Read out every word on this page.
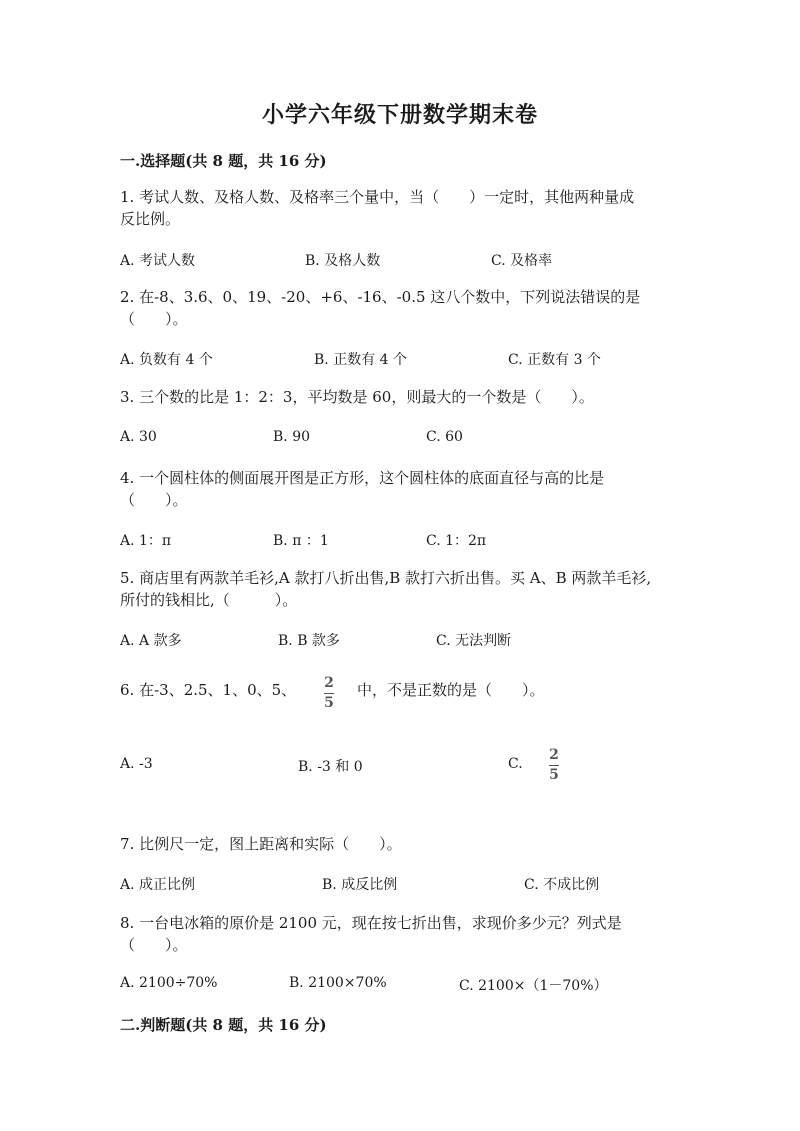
小学六年级下册数学期末卷
一.选择题(共 8 题，共 16 分)
1. 考试人数、及格人数、及格率三个量中，当（　　）一定时，其他两种量成
反比例。
A. 考试人数	B. 及格人数	C. 及格率
2. 在-8、3.6、0、19、-20、+6、-16、-0.5 这八个数中，下列说法错误的是
（　　）。
A. 负数有 4 个	B. 正数有 4 个	C. 正数有 3 个
3. 三个数的比是 1：2：3，平均数是 60，则最大的一个数是（　　）。
A. 30	B. 90	C. 60
4. 一个圆柱体的侧面展开图是正方形，这个圆柱体的底面直径与高的比是
（　　）。
A. 1：π	B. π ：1	C. 1：2π
5. 商店里有两款羊毛衫,A 款打八折出售,B 款打六折出售。买 A、B 两款羊毛衫,
所付的钱相比,（　　　）。
A. A 款多	B. B 款多	C. 无法判断
6. 在-3、2.5、1、0、5、	$\frac{2}{5}$ 中，不是正数的是（　　）。
A. -3	B. -3 和 0	C. $\frac{2}{5}$
7. 比例尺一定，图上距离和实际（　　）。
A. 成正比例	B. 成反比例	C. 不成比例
8. 一台电冰箱的原价是 2100 元，现在按七折出售，求现价多少元？列式是
（　　）。
A. 2100÷70%	B. 2100×70%	C. 2100×（1－70%）
二.判断题(共 8 题，共 16 分)
